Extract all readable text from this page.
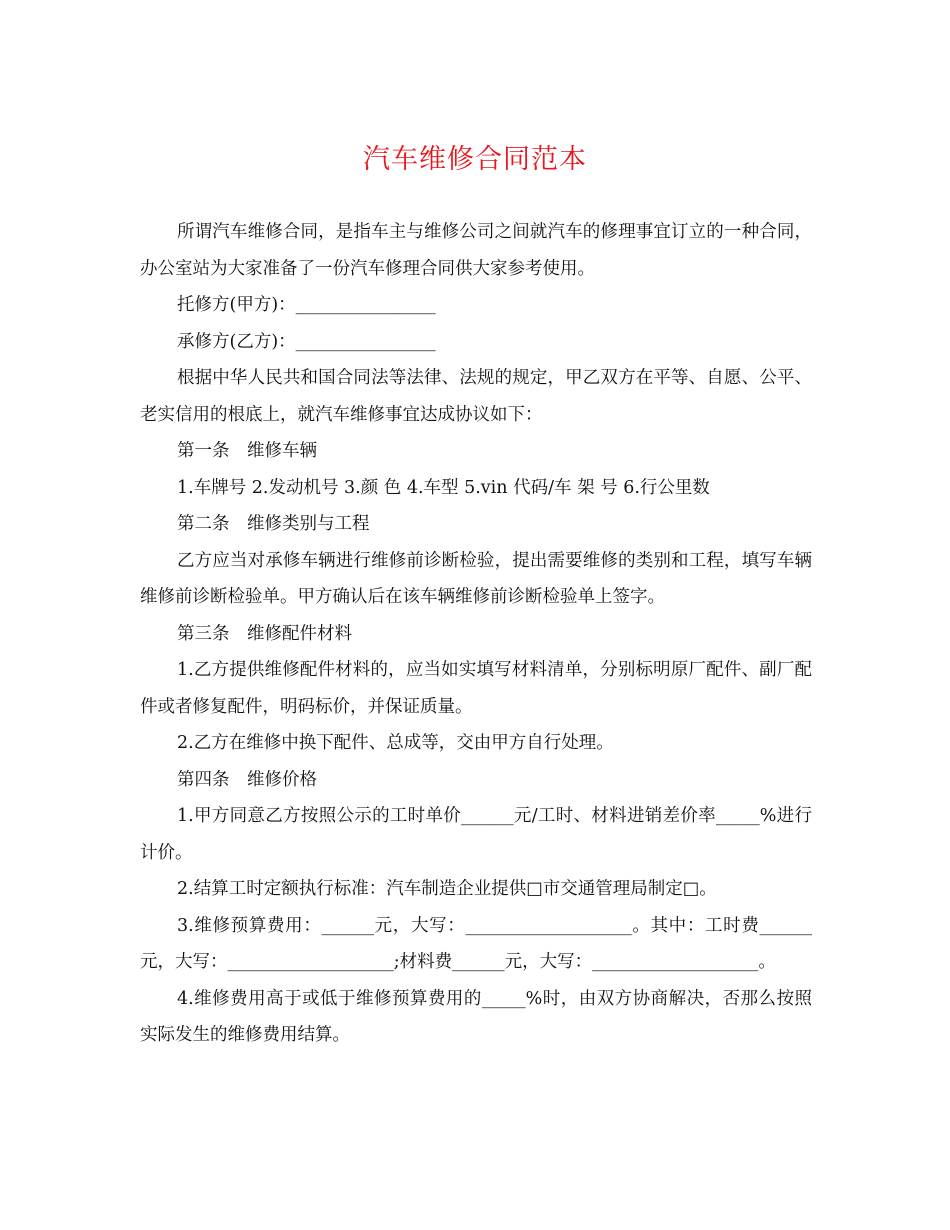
汽车维修合同范本

所谓汽车维修合同，是指车主与维修公司之间就汽车的修理事宜订立的一种合同，办公室站为大家准备了一份汽车修理合同供大家参考使用。

托修方(甲方)：________________

承修方(乙方)：________________

根据中华人民共和国合同法等法律、法规的规定，甲乙双方在平等、自愿、公平、老实信用的根底上，就汽车维修事宜达成协议如下：

第一条　维修车辆

1.车牌号 2.发动机号 3.颜 色 4.车型 5.vin 代码/车 架 号 6.行公里数

第二条　维修类别与工程

乙方应当对承修车辆进行维修前诊断检验，提出需要维修的类别和工程，填写车辆维修前诊断检验单。甲方确认后在该车辆维修前诊断检验单上签字。

第三条　维修配件材料

1.乙方提供维修配件材料的，应当如实填写材料清单，分别标明原厂配件、副厂配件或者修复配件，明码标价，并保证质量。

2.乙方在维修中换下配件、总成等，交由甲方自行处理。

第四条　维修价格

1.甲方同意乙方按照公示的工时单价______元/工时、材料进销差价率_____%进行计价。

2.结算工时定额执行标准：汽车制造企业提供□市交通管理局制定□。

3.维修预算费用：______元，大写：___________________。其中：工时费______元，大写：___________________;材料费______元，大写：___________________。

4.维修费用高于或低于维修预算费用的_____%时，由双方协商解决，否那么按照实际发生的维修费用结算。
